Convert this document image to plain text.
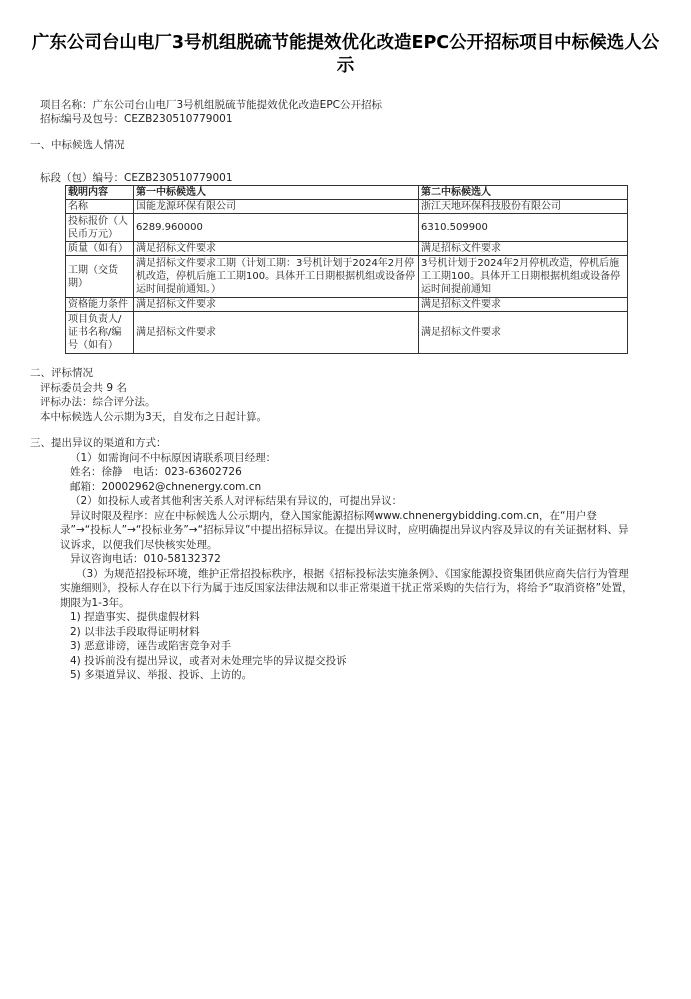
广东公司台山电厂3号机组脱硫节能提效优化改造EPC公开招标项目中标候选人公示
项目名称：广东公司台山电厂3号机组脱硫节能提效优化改造EPC公开招标
招标编号及包号：CEZB230510779001
一、中标候选人情况
标段（包）编号：CEZB230510779001
载明内容	第一中标候选人	第二中标候选人
名称	国能龙源环保有限公司	浙江天地环保科技股份有限公司
投标报价（人民币万元）	6289.960000	6310.509900
质量（如有）	满足招标文件要求	满足招标文件要求
工期（交货期）	满足招标文件要求工期（计划工期：3号机计划于2024年2月停机改造，停机后施工工期100。具体开工日期根据机组或设备停运时间提前通知。）	3号机计划于2024年2月停机改造，停机后施工工期100。具体开工日期根据机组或设备停运时间提前通知
资格能力条件	满足招标文件要求	满足招标文件要求
项目负责人/证书名称/编号（如有）	满足招标文件要求	满足招标文件要求
二、评标情况
评标委员会共 9 名
评标办法：综合评分法。
本中标候选人公示期为3天，自发布之日起计算。
三、提出异议的渠道和方式：
（1）如需询问不中标原因请联系项目经理：
姓名：徐静　电话：023-63602726
邮箱：20002962@chnenergy.com.cn
（2）如投标人或者其他利害关系人对评标结果有异议的，可提出异议：
异议时限及程序：应在中标候选人公示期内，登入国家能源招标网www.chnenergybidding.com.cn，在“用户登录”→“投标人”→“投标业务”→“招标异议”中提出招标异议。在提出异议时，应明确提出异议内容及异议的有关证据材料、异议诉求，以便我们尽快核实处理。
异议咨询电话：010-58132372
（3）为规范招投标环境，维护正常招投标秩序，根据《招标投标法实施条例》、《国家能源投资集团供应商失信行为管理实施细则》，投标人存在以下行为属于违反国家法律法规和以非正常渠道干扰正常采购的失信行为，将给予“取消资格”处置，期限为1-3年。
1) 捏造事实、提供虚假材料
2) 以非法手段取得证明材料
3) 恶意诽谤，诬告或陷害竞争对手
4) 投诉前没有提出异议，或者对未处理完毕的异议提交投诉
5) 多渠道异议、举报、投诉、上访的。
